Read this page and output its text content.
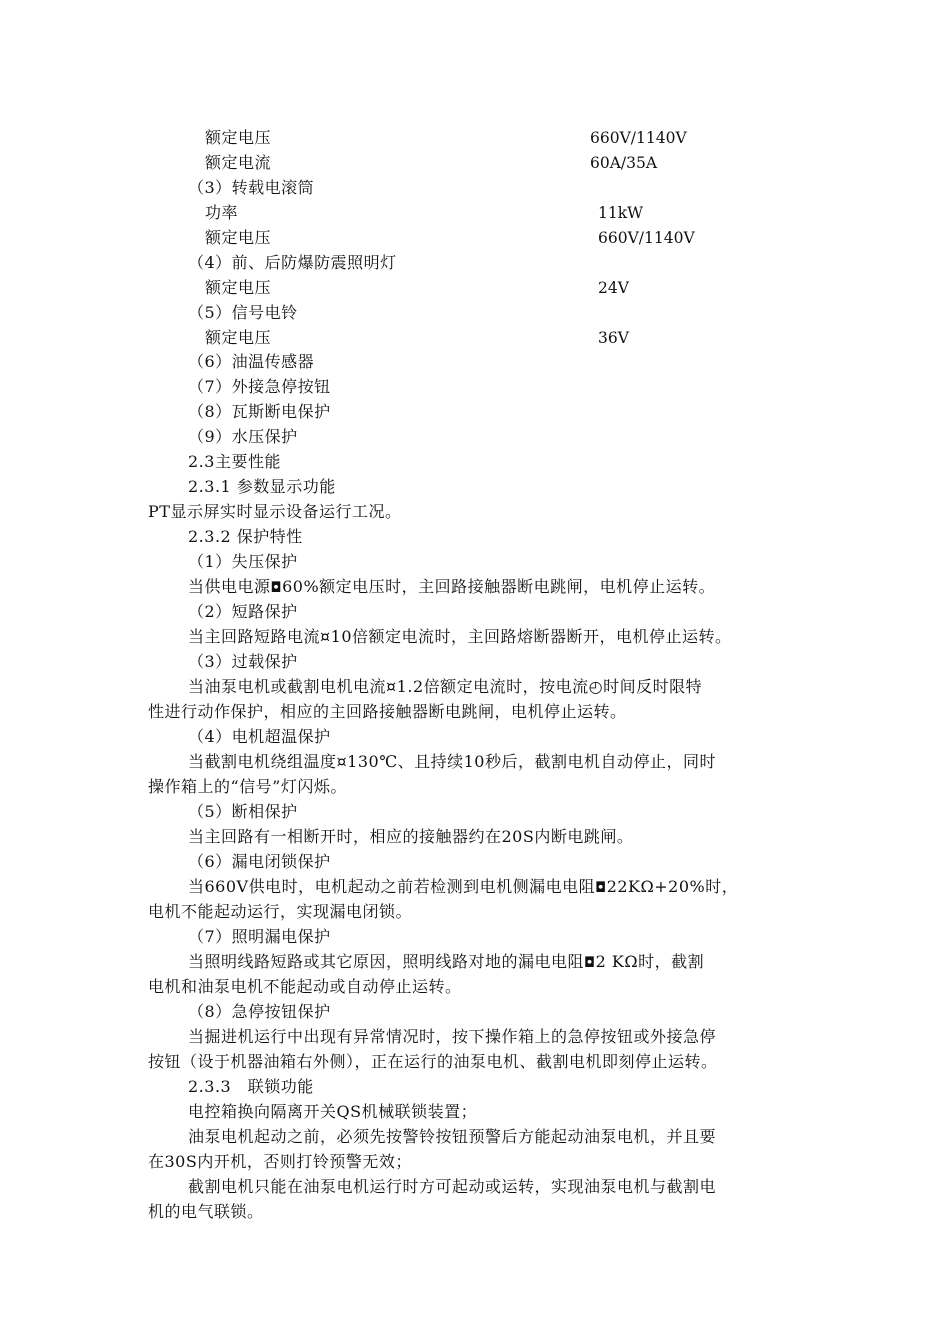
额定电压	660V/1140V
额定电流	60A/35A
（3）转载电滚筒
功率	11kW
额定电压	660V/1140V
（4）前、后防爆防震照明灯
额定电压	24V
（5）信号电铃
额定电压	36V
（6）油温传感器
（7）外接急停按钮
（8）瓦斯断电保护
（9）水压保护
2.3主要性能
2.3.1 参数显示功能
PT显示屏实时显示设备运行工况。
2.3.2 保护特性
（1）失压保护
当供电电源◘60%额定电压时，主回路接触器断电跳闸，电机停止运转。
（2）短路保护
当主回路短路电流¤10倍额定电流时，主回路熔断器断开，电机停止运转。
（3）过载保护
当油泵电机或截割电机电流¤1.2倍额定电流时，按电流◴时间反时限特
性进行动作保护，相应的主回路接触器断电跳闸，电机停止运转。
（4）电机超温保护
当截割电机绕组温度¤130℃、且持续10秒后，截割电机自动停止，同时
操作箱上的“信号”灯闪烁。
（5）断相保护
当主回路有一相断开时，相应的接触器约在20S内断电跳闸。
（6）漏电闭锁保护
当660V供电时，电机起动之前若检测到电机侧漏电电阻◘22KΩ+20%时，
电机不能起动运行，实现漏电闭锁。
（7）照明漏电保护
当照明线路短路或其它原因，照明线路对地的漏电电阻◘2 KΩ时，截割
电机和油泵电机不能起动或自动停止运转。
（8）急停按钮保护
当掘进机运行中出现有异常情况时，按下操作箱上的急停按钮或外接急停
按钮（设于机器油箱右外侧），正在运行的油泵电机、截割电机即刻停止运转。
2.3.3　联锁功能
电控箱换向隔离开关QS机械联锁装置；
油泵电机起动之前，必须先按警铃按钮预警后方能起动油泵电机，并且要
在30S内开机，否则打铃预警无效；
截割电机只能在油泵电机运行时方可起动或运转，实现油泵电机与截割电
机的电气联锁。
